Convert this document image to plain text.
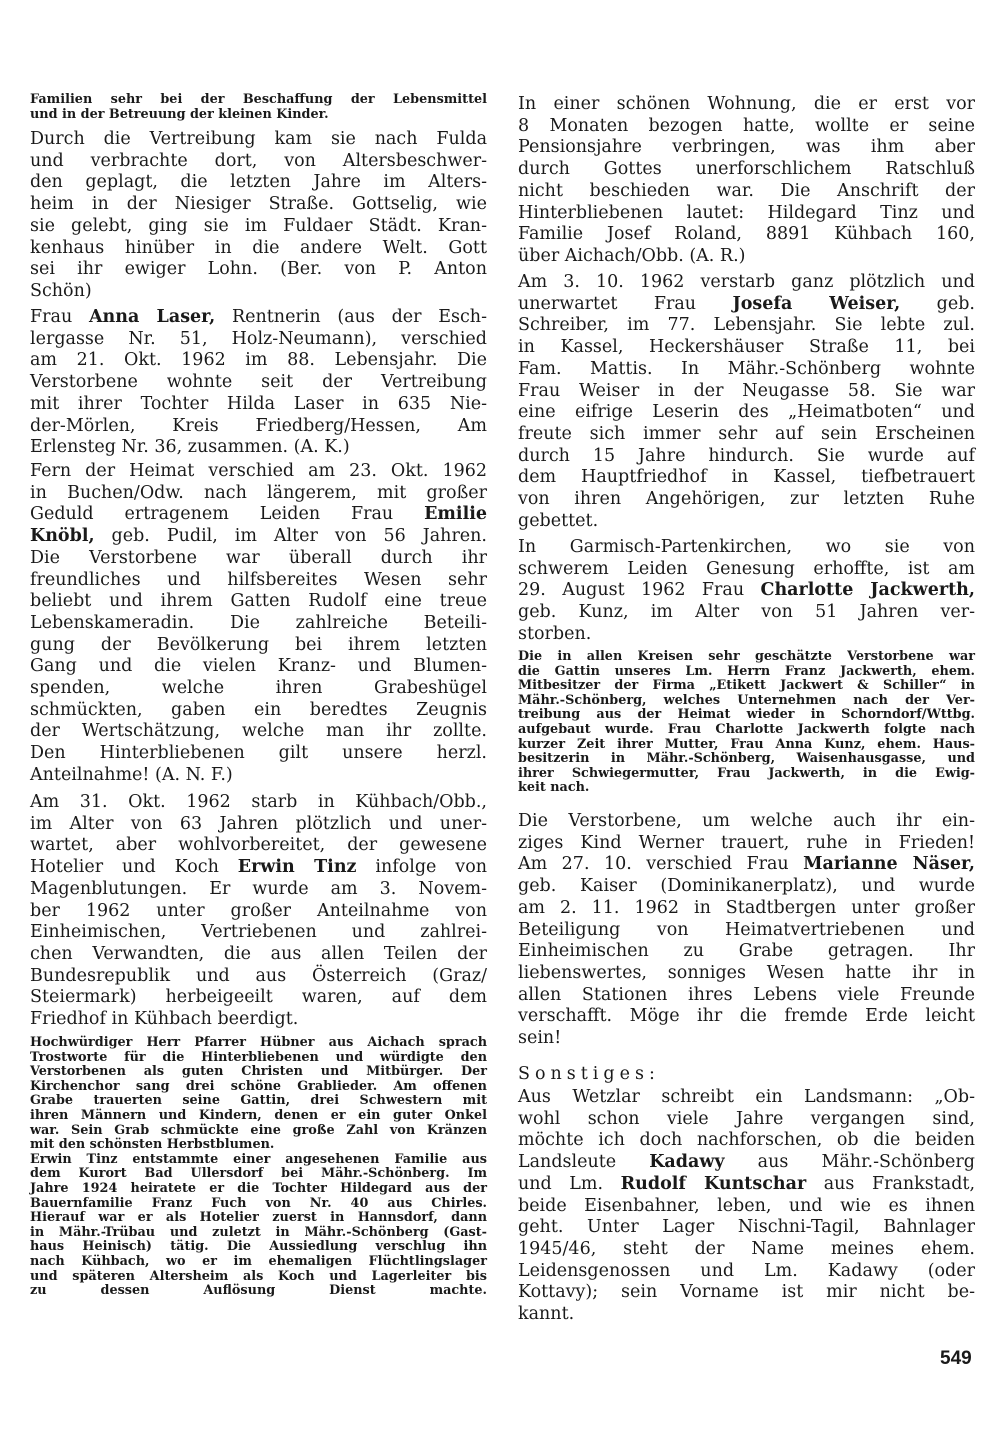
Familien sehr bei der Beschaffung der Lebensmittel
und in der Betreuung der kleinen Kinder.
Durch die Vertreibung kam sie nach Fulda
und verbrachte dort, von Altersbeschwer-
den geplagt, die letzten Jahre im Alters-
heim in der Niesiger Straße. Gottselig, wie
sie gelebt, ging sie im Fuldaer Städt. Kran-
kenhaus hinüber in die andere Welt. Gott
sei ihr ewiger Lohn. (Ber. von P. Anton
Schön)
Frau Anna Laser, Rentnerin (aus der Esch-
lergasse Nr. 51, Holz-Neumann), verschied
am 21. Okt. 1962 im 88. Lebensjahr. Die
Verstorbene wohnte seit der Vertreibung
mit ihrer Tochter Hilda Laser in 635 Nie-
der-Mörlen, Kreis Friedberg/Hessen, Am
Erlensteg Nr. 36, zusammen. (A. K.)
Fern der Heimat verschied am 23. Okt. 1962
in Buchen/Odw. nach längerem, mit großer
Geduld ertragenem Leiden Frau Emilie
Knöbl, geb. Pudil, im Alter von 56 Jahren.
Die Verstorbene war überall durch ihr
freundliches und hilfsbereites Wesen sehr
beliebt und ihrem Gatten Rudolf eine treue
Lebenskameradin. Die zahlreiche Beteili-
gung der Bevölkerung bei ihrem letzten
Gang und die vielen Kranz- und Blumen-
spenden, welche ihren Grabeshügel
schmückten, gaben ein beredtes Zeugnis
der Wertschätzung, welche man ihr zollte.
Den Hinterbliebenen gilt unsere herzl.
Anteilnahme! (A. N. F.)
Am 31. Okt. 1962 starb in Kühbach/Obb.,
im Alter von 63 Jahren plötzlich und uner-
wartet, aber wohlvorbereitet, der gewesene
Hotelier und Koch Erwin Tinz infolge von
Magenblutungen. Er wurde am 3. Novem-
ber 1962 unter großer Anteilnahme von
Einheimischen, Vertriebenen und zahlrei-
chen Verwandten, die aus allen Teilen der
Bundesrepublik und aus Österreich (Graz/
Steiermark) herbeigeeilt waren, auf dem
Friedhof in Kühbach beerdigt.
Hochwürdiger Herr Pfarrer Hübner aus Aichach sprach
Trostworte für die Hinterbliebenen und würdigte den
Verstorbenen als guten Christen und Mitbürger. Der
Kirchenchor sang drei schöne Grablieder. Am offenen
Grabe trauerten seine Gattin, drei Schwestern mit
ihren Männern und Kindern, denen er ein guter Onkel
war. Sein Grab schmückte eine große Zahl von Kränzen
mit den schönsten Herbstblumen.
Erwin Tinz entstammte einer angesehenen Familie aus
dem Kurort Bad Ullersdorf bei Mähr.-Schönberg. Im
Jahre 1924 heiratete er die Tochter Hildegard aus der
Bauernfamilie Franz Fuch von Nr. 40 aus Chirles.
Hierauf war er als Hotelier zuerst in Hannsdorf, dann
in Mähr.-Trübau und zuletzt in Mähr.-Schönberg (Gast-
haus Heinisch) tätig. Die Aussiedlung verschlug ihn
nach Kühbach, wo er im ehemaligen Flüchtlingslager
und späteren Altersheim als Koch und Lagerleiter bis
zu dessen Auflösung Dienst machte.
In einer schönen Wohnung, die er erst vor
8 Monaten bezogen hatte, wollte er seine
Pensionsjahre verbringen, was ihm aber
durch Gottes unerforschlichem Ratschluß
nicht beschieden war. Die Anschrift der
Hinterbliebenen lautet: Hildegard Tinz und
Familie Josef Roland, 8891 Kühbach 160,
über Aichach/Obb. (A. R.)
Am 3. 10. 1962 verstarb ganz plötzlich und
unerwartet Frau Josefa Weiser, geb.
Schreiber, im 77. Lebensjahr. Sie lebte zul.
in Kassel, Heckershäuser Straße 11, bei
Fam. Mattis. In Mähr.-Schönberg wohnte
Frau Weiser in der Neugasse 58. Sie war
eine eifrige Leserin des „Heimatboten“ und
freute sich immer sehr auf sein Erscheinen
durch 15 Jahre hindurch. Sie wurde auf
dem Hauptfriedhof in Kassel, tiefbetrauert
von ihren Angehörigen, zur letzten Ruhe
gebettet.
In Garmisch-Partenkirchen, wo sie von
schwerem Leiden Genesung erhoffte, ist am
29. August 1962 Frau Charlotte Jackwerth,
geb. Kunz, im Alter von 51 Jahren ver-
storben.
Die in allen Kreisen sehr geschätzte Verstorbene war
die Gattin unseres Lm. Herrn Franz Jackwerth, ehem.
Mitbesitzer der Firma „Etikett Jackwert & Schiller“ in
Mähr.-Schönberg, welches Unternehmen nach der Ver-
treibung aus der Heimat wieder in Schorndorf/Wttbg.
aufgebaut wurde. Frau Charlotte Jackwerth folgte nach
kurzer Zeit ihrer Mutter, Frau Anna Kunz, ehem. Haus-
besitzerin in Mähr.-Schönberg, Waisenhausgasse, und
ihrer Schwiegermutter, Frau Jackwerth, in die Ewig-
keit nach.
Die Verstorbene, um welche auch ihr ein-
ziges Kind Werner trauert, ruhe in Frieden!
Am 27. 10. verschied Frau Marianne Näser,
geb. Kaiser (Dominikanerplatz), und wurde
am 2. 11. 1962 in Stadtbergen unter großer
Beteiligung von Heimatvertriebenen und
Einheimischen zu Grabe getragen. Ihr
liebenswertes, sonniges Wesen hatte ihr in
allen Stationen ihres Lebens viele Freunde
verschafft. Möge ihr die fremde Erde leicht
sein!
Sonstiges:
Aus Wetzlar schreibt ein Landsmann: „Ob-
wohl schon viele Jahre vergangen sind,
möchte ich doch nachforschen, ob die beiden
Landsleute Kadawy aus Mähr.-Schönberg
und Lm. Rudolf Kuntschar aus Frankstadt,
beide Eisenbahner, leben, und wie es ihnen
geht. Unter Lager Nischni-Tagil, Bahnlager
1945/46, steht der Name meines ehem.
Leidensgenossen und Lm. Kadawy (oder
Kottavy); sein Vorname ist mir nicht be-
kannt.
549
